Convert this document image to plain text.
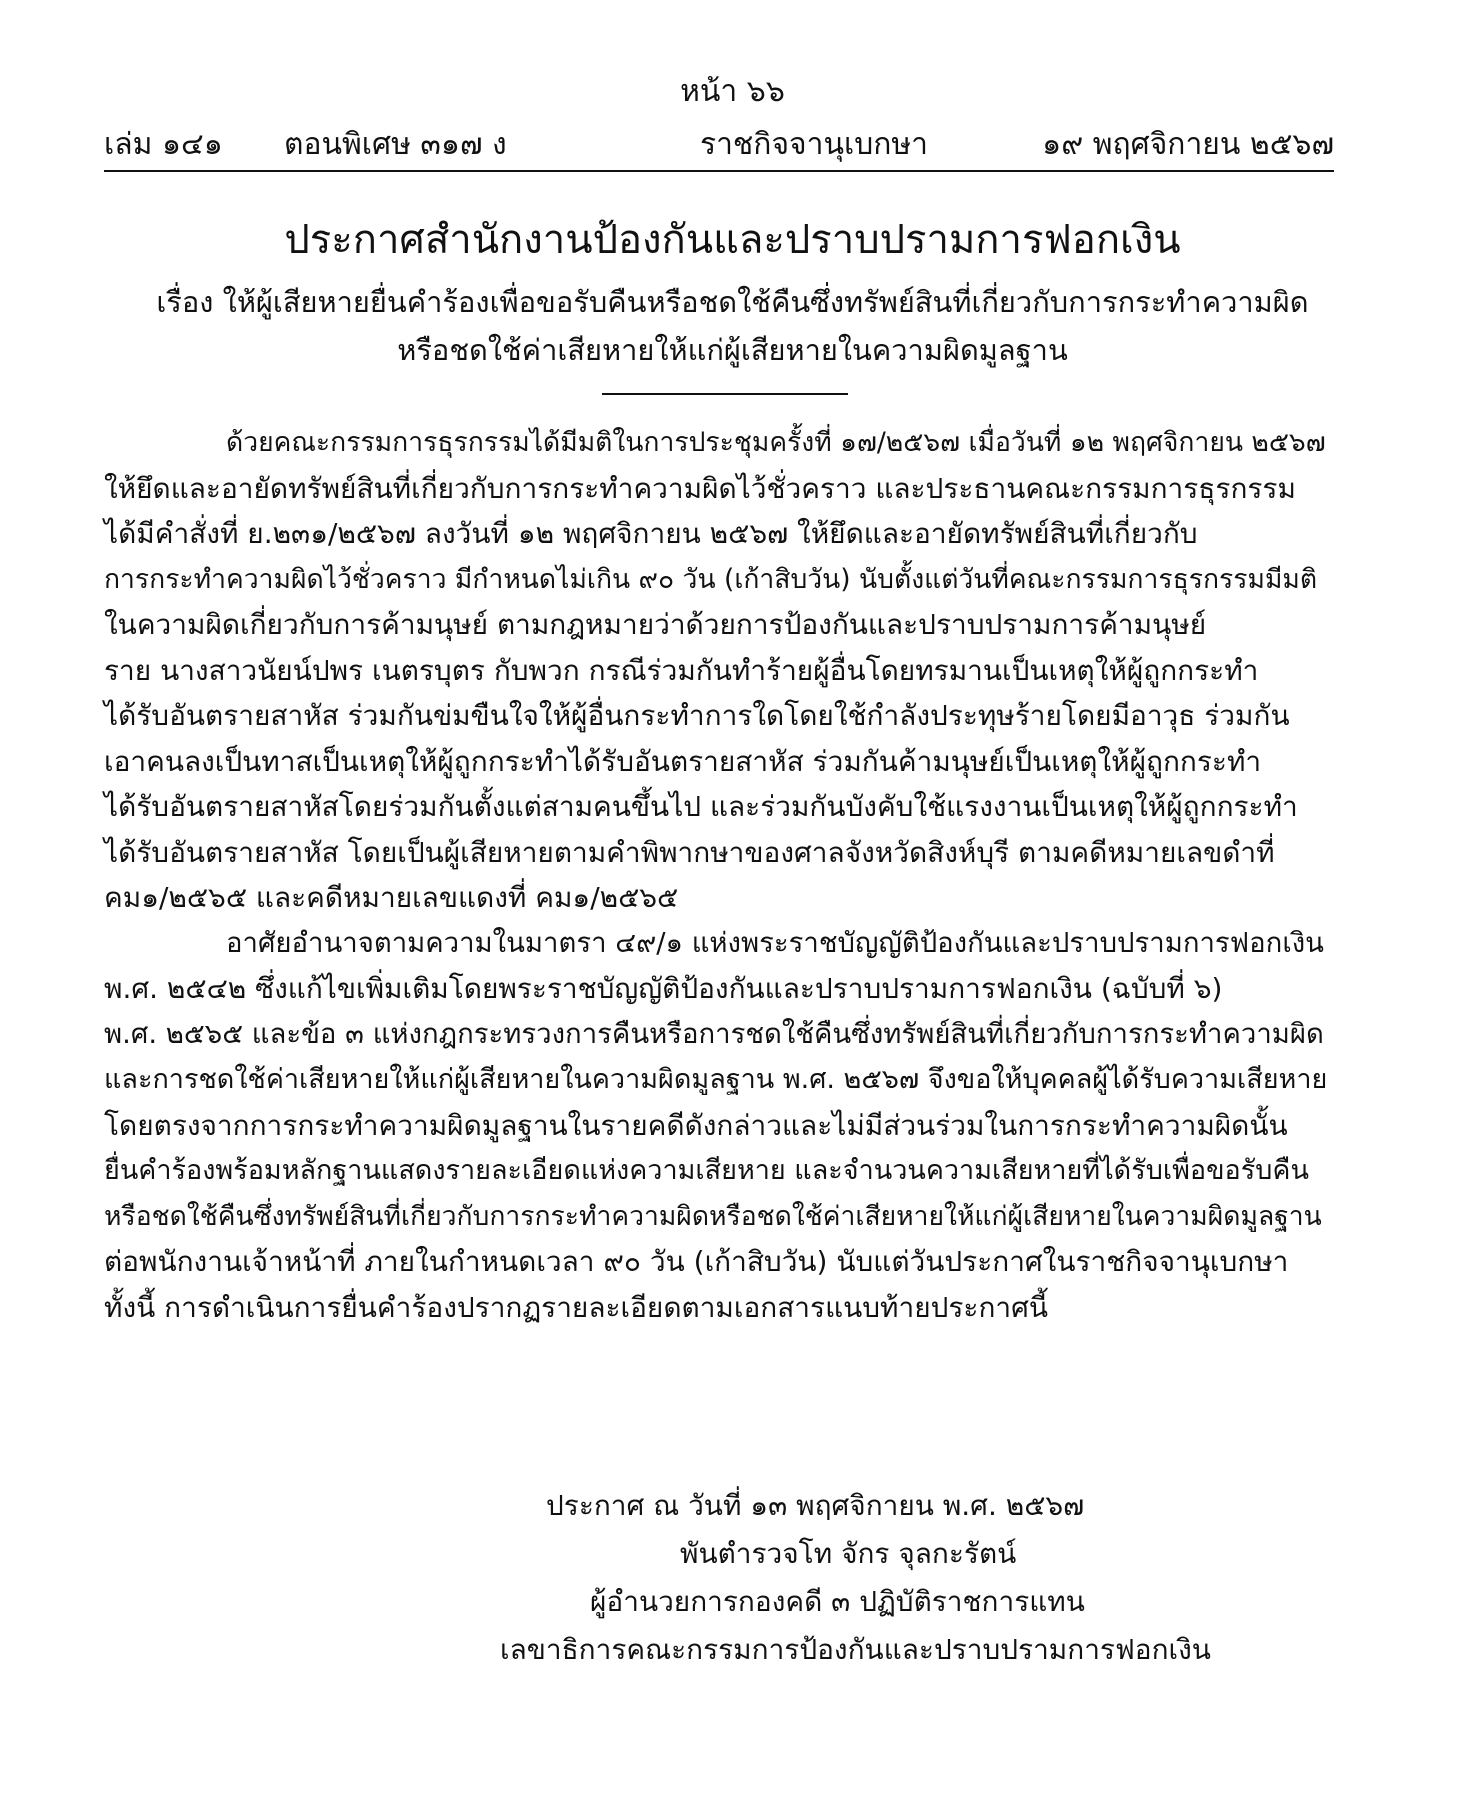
หน้า ๖๖
เล่ม ๑๔๑ ตอนพิเศษ ๓๑๗ ง	ราชกิจจานุเบกษา	๑๙ พฤศจิกายน ๒๕๖๗
ประกาศสำนักงานป้องกันและปราบปรามการฟอกเงิน
เรื่อง ให้ผู้เสียหายยื่นคำร้องเพื่อขอรับคืนหรือชดใช้คืนซึ่งทรัพย์สินที่เกี่ยวกับการกระทำความผิด
หรือชดใช้ค่าเสียหายให้แก่ผู้เสียหายในความผิดมูลฐาน
ด้วยคณะกรรมการธุรกรรมได้มีมติในการประชุมครั้งที่ ๑๗/๒๕๖๗ เมื่อวันที่ ๑๒ พฤศจิกายน ๒๕๖๗
ให้ยึดและอายัดทรัพย์สินที่เกี่ยวกับการกระทำความผิดไว้ชั่วคราว และประธานคณะกรรมการธุรกรรม
ได้มีคำสั่งที่ ย.๒๓๑/๒๕๖๗ ลงวันที่ ๑๒ พฤศจิกายน ๒๕๖๗ ให้ยึดและอายัดทรัพย์สินที่เกี่ยวกับ
การกระทำความผิดไว้ชั่วคราว มีกำหนดไม่เกิน ๙๐ วัน (เก้าสิบวัน) นับตั้งแต่วันที่คณะกรรมการธุรกรรมมีมติ
ในความผิดเกี่ยวกับการค้ามนุษย์ ตามกฎหมายว่าด้วยการป้องกันและปราบปรามการค้ามนุษย์
ราย นางสาวนัยน์ปพร เนตรบุตร กับพวก กรณีร่วมกันทำร้ายผู้อื่นโดยทรมานเป็นเหตุให้ผู้ถูกกระทำ
ได้รับอันตรายสาหัส ร่วมกันข่มขืนใจให้ผู้อื่นกระทำการใดโดยใช้กำลังประทุษร้ายโดยมีอาวุธ ร่วมกัน
เอาคนลงเป็นทาสเป็นเหตุให้ผู้ถูกกระทำได้รับอันตรายสาหัส ร่วมกันค้ามนุษย์เป็นเหตุให้ผู้ถูกกระทำ
ได้รับอันตรายสาหัสโดยร่วมกันตั้งแต่สามคนขึ้นไป และร่วมกันบังคับใช้แรงงานเป็นเหตุให้ผู้ถูกกระทำ
ได้รับอันตรายสาหัส โดยเป็นผู้เสียหายตามคำพิพากษาของศาลจังหวัดสิงห์บุรี ตามคดีหมายเลขดำที่
คม๑/๒๕๖๕ และคดีหมายเลขแดงที่ คม๑/๒๕๖๕
อาศัยอำนาจตามความในมาตรา ๔๙/๑ แห่งพระราชบัญญัติป้องกันและปราบปรามการฟอกเงิน
พ.ศ. ๒๕๔๒ ซึ่งแก้ไขเพิ่มเติมโดยพระราชบัญญัติป้องกันและปราบปรามการฟอกเงิน (ฉบับที่ ๖)
พ.ศ. ๒๕๖๕ และข้อ ๓ แห่งกฎกระทรวงการคืนหรือการชดใช้คืนซึ่งทรัพย์สินที่เกี่ยวกับการกระทำความผิด
และการชดใช้ค่าเสียหายให้แก่ผู้เสียหายในความผิดมูลฐาน พ.ศ. ๒๕๖๗ จึงขอให้บุคคลผู้ได้รับความเสียหาย
โดยตรงจากการกระทำความผิดมูลฐานในรายคดีดังกล่าวและไม่มีส่วนร่วมในการกระทำความผิดนั้น
ยื่นคำร้องพร้อมหลักฐานแสดงรายละเอียดแห่งความเสียหาย และจำนวนความเสียหายที่ได้รับเพื่อขอรับคืน
หรือชดใช้คืนซึ่งทรัพย์สินที่เกี่ยวกับการกระทำความผิดหรือชดใช้ค่าเสียหายให้แก่ผู้เสียหายในความผิดมูลฐาน
ต่อพนักงานเจ้าหน้าที่ ภายในกำหนดเวลา ๙๐ วัน (เก้าสิบวัน) นับแต่วันประกาศในราชกิจจานุเบกษา
ทั้งนี้ การดำเนินการยื่นคำร้องปรากฏรายละเอียดตามเอกสารแนบท้ายประกาศนี้
ประกาศ ณ วันที่ ๑๓ พฤศจิกายน พ.ศ. ๒๕๖๗
พันตำรวจโท จักร จุลกะรัตน์
ผู้อำนวยการกองคดี ๓ ปฏิบัติราชการแทน
เลขาธิการคณะกรรมการป้องกันและปราบปรามการฟอกเงิน
